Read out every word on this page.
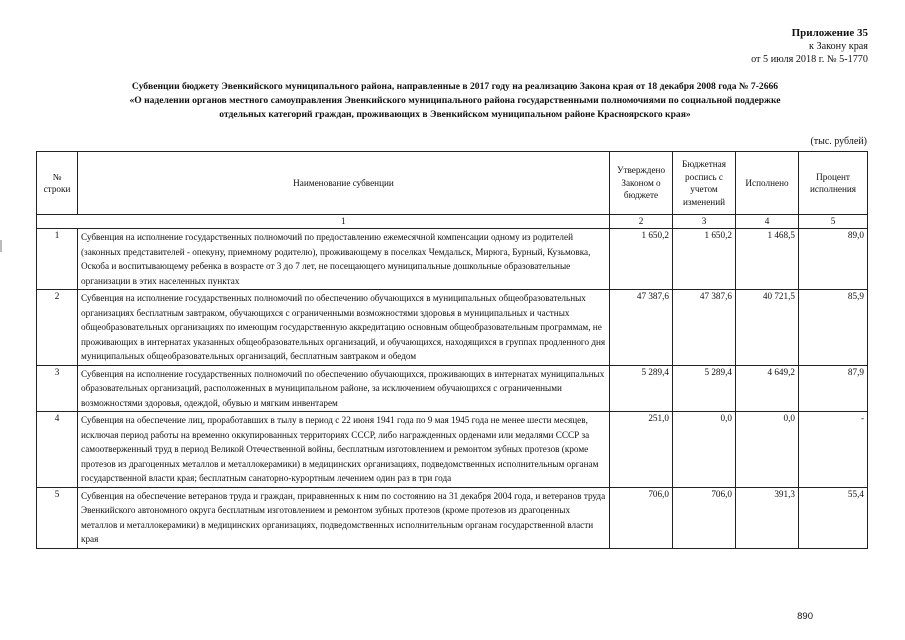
Приложение 35
к Закону края
от 5 июля 2018 г. № 5-1770
Субвенции бюджету Эвенкийского муниципального района, направленные в 2017 году на реализацию Закона края от 18 декабря 2008 года № 7-2666
«О наделении органов местного самоуправления Эвенкийского муниципального района государственными полномочиями по социальной поддержке
отдельных категорий граждан, проживающих в Эвенкийском муниципальном районе Красноярского края»
(тыс. рублей)
№ строки	Наименование субвенции	Утверждено Законом о бюджете	Бюджетная роспись с учетом изменений	Исполнено	Процент исполнения
	1	2	3	4	5
1	Субвенция на исполнение государственных полномочий по предоставлению ежемесячной компенсации одному из родителей (законных представителей - опекуну, приемному родителю), проживающему в поселках Чемдальск, Мирюга, Бурный, Кузьмовка, Оскоба и воспитывающему ребенка в возрасте от 3 до 7 лет, не посещающего муниципальные дошкольные образовательные организации в этих населенных пунктах	1 650,2	1 650,2	1 468,5	89,0
2	Субвенция на исполнение государственных полномочий по обеспечению обучающихся в муниципальных общеобразовательных организациях бесплатным завтраком, обучающихся с ограниченными возможностями здоровья в муниципальных и частных общеобразовательных организациях по имеющим государственную аккредитацию основным общеобразовательным программам, не проживающих в интернатах указанных общеобразовательных организаций, и обучающихся, находящихся в группах продленного дня муниципальных общеобразовательных организаций, бесплатным завтраком и обедом	47 387,6	47 387,6	40 721,5	85,9
3	Субвенция на исполнение государственных полномочий по обеспечению обучающихся, проживающих в интернатах муниципальных образовательных организаций, расположенных в муниципальном районе, за исключением обучающихся с ограниченными возможностями здоровья, одеждой, обувью и мягким инвентарем	5 289,4	5 289,4	4 649,2	87,9
4	Субвенция на обеспечение лиц, проработавших в тылу в период с 22 июня 1941 года по 9 мая 1945 года не менее шести месяцев, исключая период работы на временно оккупированных территориях СССР, либо награжденных орденами или медалями СССР за самоотверженный труд в период Великой Отечественной войны, бесплатным изготовлением и ремонтом зубных протезов (кроме протезов из драгоценных металлов и металлокерамики) в медицинских организациях, подведомственных исполнительным органам государственной власти края; бесплатным санаторно-курортным лечением один раз в три года	251,0	0,0	0,0	-
5	Субвенция на обеспечение ветеранов труда и граждан, приравненных к ним по состоянию на 31 декабря 2004 года, и ветеранов труда Эвенкийского автономного округа бесплатным изготовлением и ремонтом зубных протезов (кроме протезов из драгоценных металлов и металлокерамики) в медицинских организациях, подведомственных исполнительным органам государственной власти края	706,0	706,0	391,3	55,4
890
